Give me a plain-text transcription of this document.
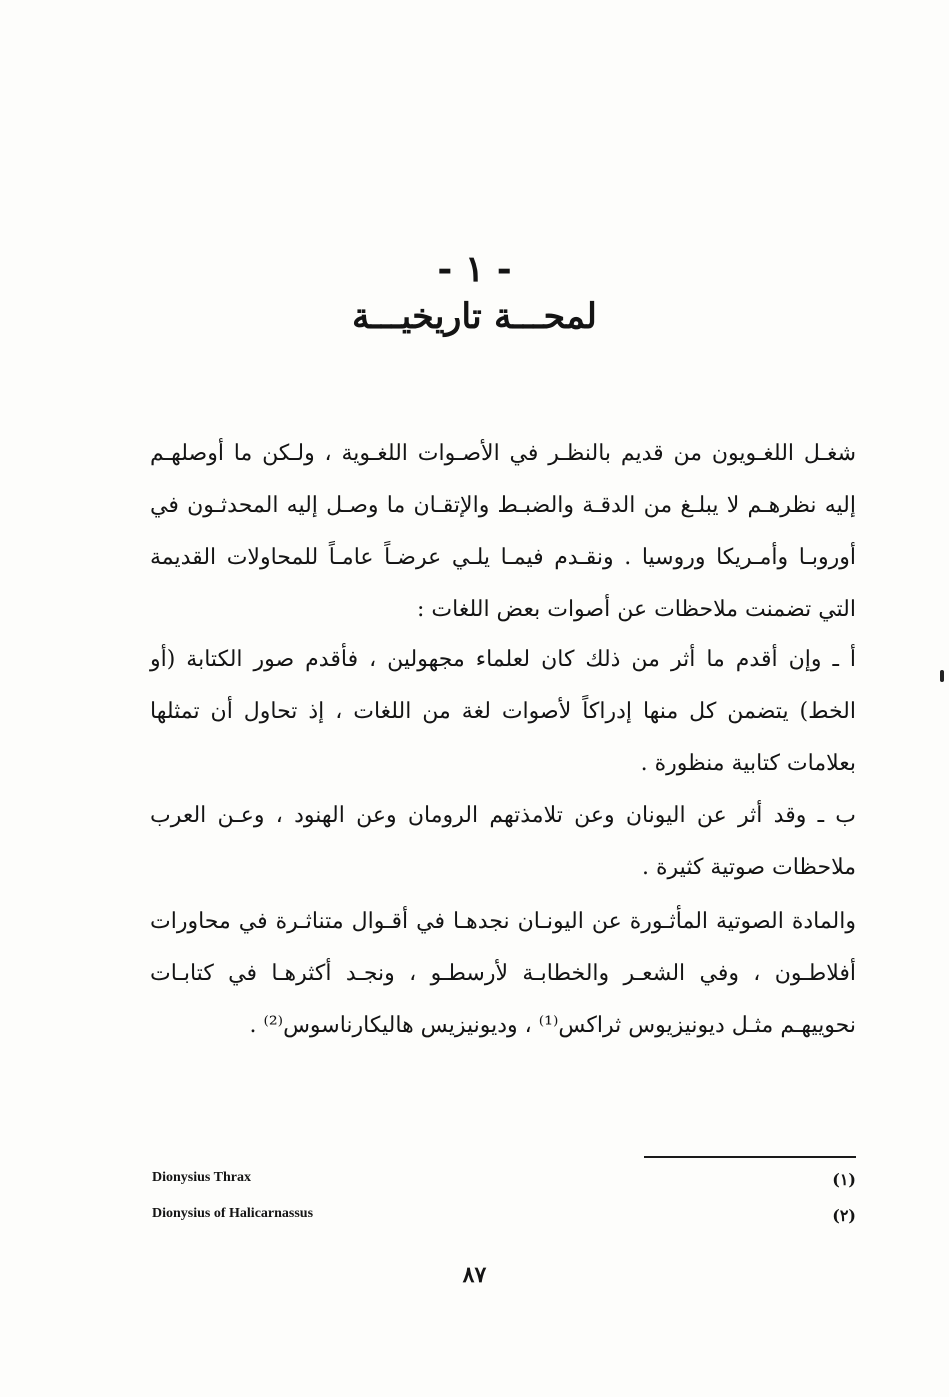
- ١ -
لمحـــة تاريخيـــة

شغـل اللغـويون من قديم بالنظـر في الأصـوات اللغـوية ، ولـكن ما أوصلهـم إليه نظرهـم لا يبلـغ من الدقـة والضبـط والإتقـان ما وصـل إليه المحدثـون في أوروبـا وأمـريكا وروسيا . ونقـدم فيمـا يلـي عرضـاً عامـاً للمحاولات القديمة التي تضمنت ملاحظات عن أصوات بعض اللغات :

أ ـ وإن أقدم ما أثر من ذلك كان لعلماء مجهولين ، فأقدم صور الكتابة (أو الخط) يتضمن كل منها إدراكاً لأصوات لغة من اللغات ، إذ تحاول أن تمثلها بعلامات كتابية منظورة .

ب ـ وقد أثر عن اليونان وعن تلامذتهم الرومان وعن الهنود ، وعـن العرب ملاحظات صوتية كثيرة .

والمادة الصوتية المأثـورة عن اليونـان نجدهـا في أقـوال متناثـرة في محاورات أفلاطـون ، وفي الشعـر والخطابـة لأرسطـو ، ونجـد أكثرهـا في كتابـات نحوييهـم مثـل ديونيزيوس ثراكس⁽¹⁾ ، وديونيزيس هاليكارناسوس⁽²⁾ .

Dionysius Thrax	(١)
Dionysius of Halicarnassus	(٢)
٨٧
